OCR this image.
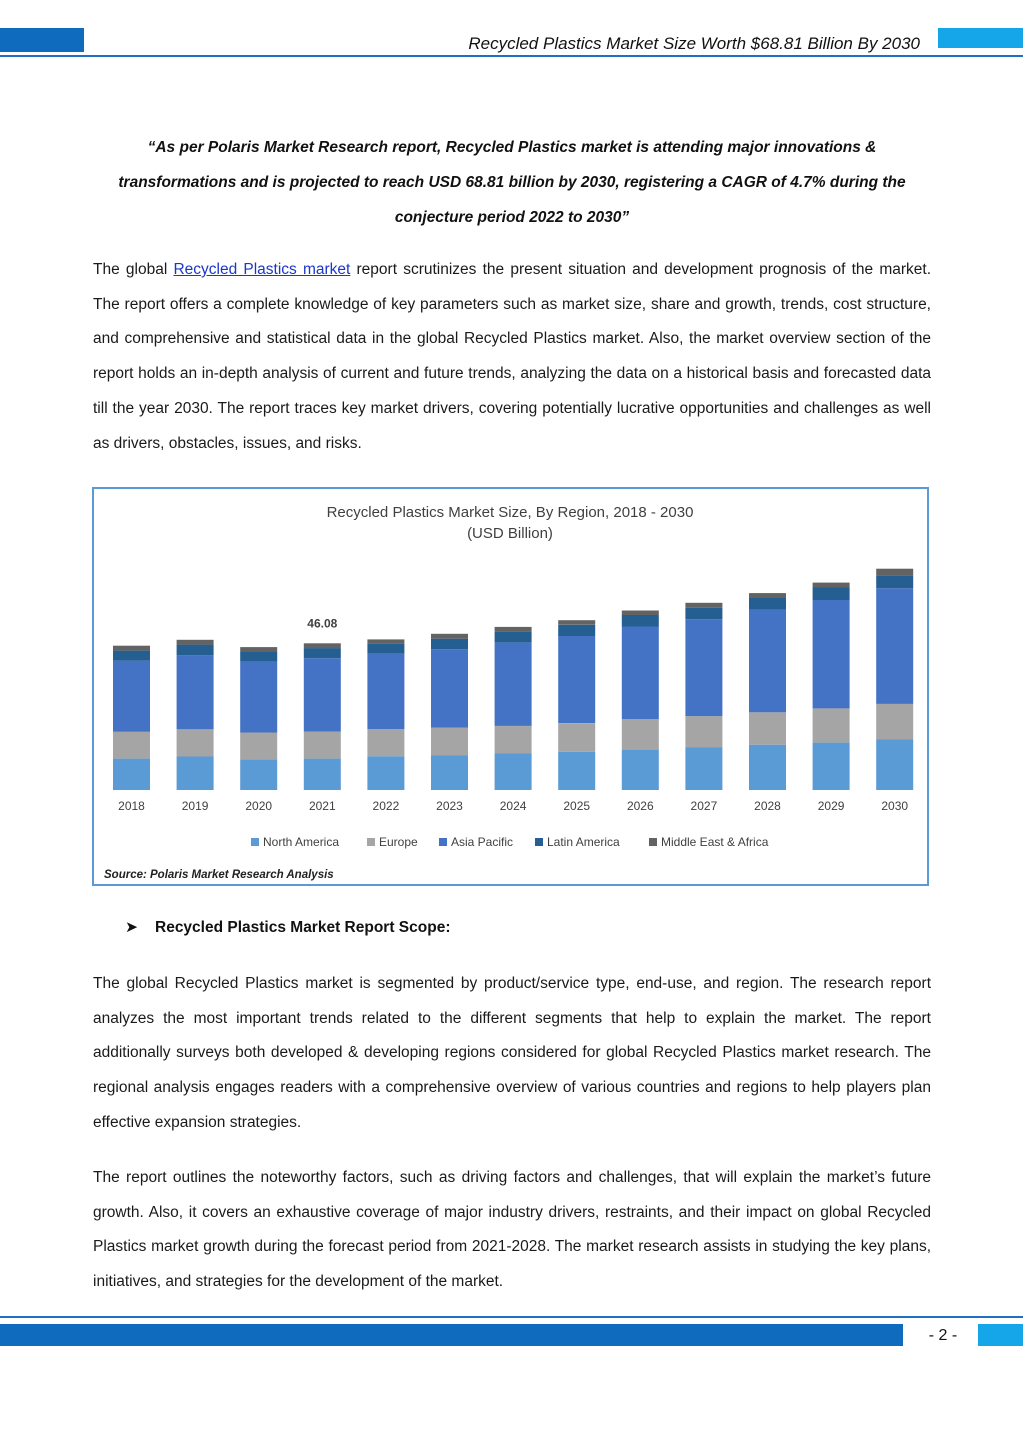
Recycled Plastics Market Size Worth $68.81 Billion By 2030
“As per Polaris Market Research report, Recycled Plastics market is attending major innovations & transformations and is projected to reach USD 68.81 billion by 2030, registering a CAGR of 4.7% during the conjecture period 2022 to 2030”
The global Recycled Plastics market report scrutinizes the present situation and development prognosis of the market. The report offers a complete knowledge of key parameters such as market size, share and growth, trends, cost structure, and comprehensive and statistical data in the global Recycled Plastics market. Also, the market overview section of the report holds an in-depth analysis of current and future trends, analyzing the data on a historical basis and forecasted data till the year 2030. The report traces key market drivers, covering potentially lucrative opportunities and challenges as well as drivers, obstacles, issues, and risks.
Recycled Plastics Market Size, By Region, 2018 - 2030
(USD Billion)
2018	2019	2020	2021	2022	2023	2024	2025	2026	2027	2028	2029	2030
46.08
North America	Europe	Asia Pacific	Latin America	Middle East & Africa
Source: Polaris Market Research Analysis
➤ Recycled Plastics Market Report Scope:
The global Recycled Plastics market is segmented by product/service type, end-use, and region. The research report analyzes the most important trends related to the different segments that help to explain the market. The report additionally surveys both developed & developing regions considered for global Recycled Plastics market research. The regional analysis engages readers with a comprehensive overview of various countries and regions to help players plan effective expansion strategies.
The report outlines the noteworthy factors, such as driving factors and challenges, that will explain the market’s future growth. Also, it covers an exhaustive coverage of major industry drivers, restraints, and their impact on global Recycled Plastics market growth during the forecast period from 2021-2028. The market research assists in studying the key plans, initiatives, and strategies for the development of the market.
- 2 -
